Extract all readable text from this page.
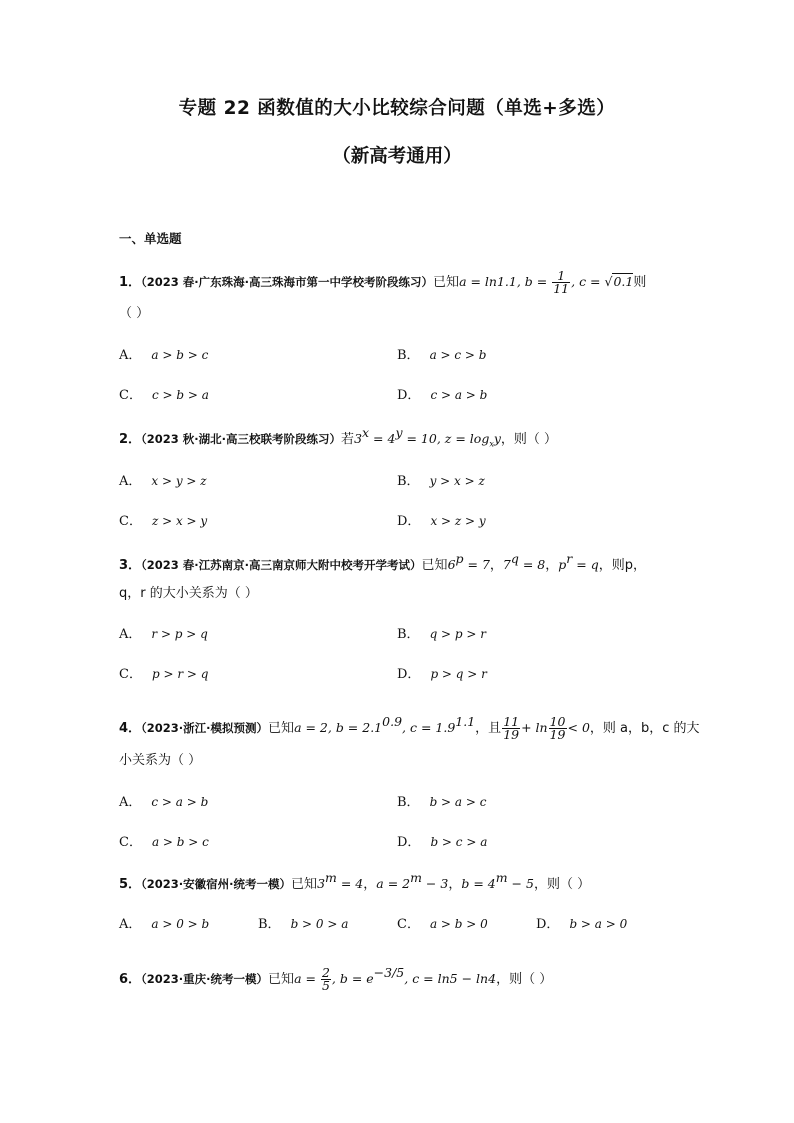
专题 22 函数值的大小比较综合问题（单选+多选）
（新高考通用）
一、单选题
1．（2023 春·广东珠海·高三珠海市第一中学校考阶段练习）已知a = ln1.1, $b = \frac{1}{11}$ , c = √0.1则
（ ）
A． a > b > c	B． a > c > b
C． c > b > a	D． c > a > b
2．（2023 秋·湖北·高三校联考阶段练习）若$3^x = 4^y = 10$, $z = \log_xy$，则（ ）
A． x > y > z	B． y > x > z
C． z > x > y	D． x > z > y
3．（2023 春·江苏南京·高三南京师大附中校考开学考试）已知$6^p = 7$，$7^q = 8$，$p^r = q$，则p，
q，r 的大小关系为（ ）
A． r > p > q	B． q > p > r
C． p > r > q	D． p > q > r
4．（2023·浙江·模拟预测）已知a = 2, $b = 2.1^{0.9}$, $c = 1.9^{1.1}$，且 $\frac{11}{19} + \ln \frac{10}{19} < 0$，则 a，b，c 的大
小关系为（ ）
A． c > a > b	B． b > a > c
C． a > b > c	D． b > c > a
5．（2023·安徽宿州·统考一模）已知$3^m = 4$，$a = 2^m - 3$，$b = 4^m - 5$，则（ ）
A． a > 0 > b	B． b > 0 > a	C． a > b > 0	D． b > a > 0
6．（2023·重庆·统考一模）已知$a = \frac{2}{5}$ , $b = e^{-3/5}$, c = ln5 − ln4，则（ ）
